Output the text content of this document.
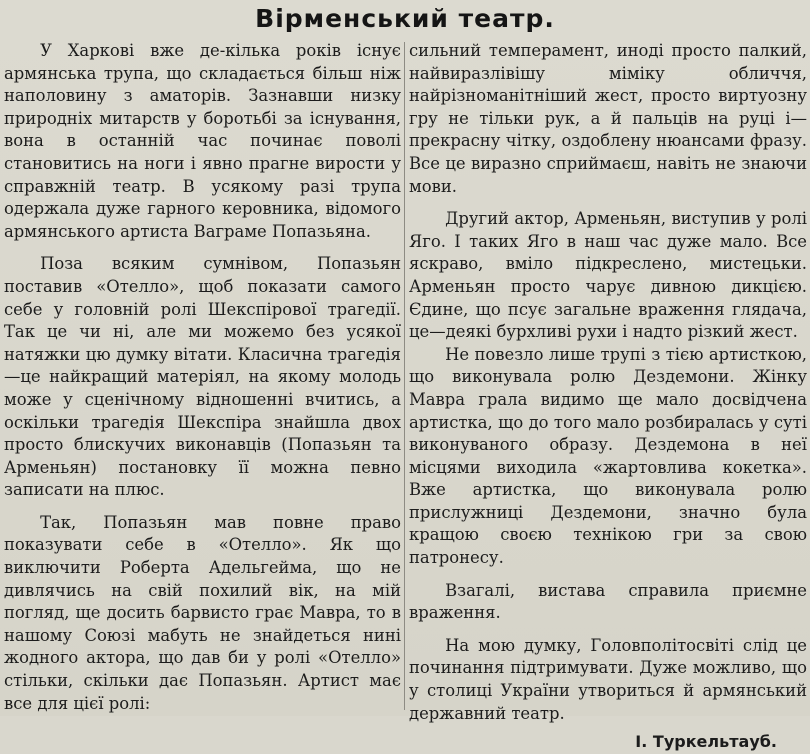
Вірменський театр.

У Харкові вже де-кілька років існує армянська трупа, що складається більш ніж наполовину з аматорів. Зазнавши низку природніх митарств у боротьбі за існування, вона в останній час починає поволі становитись на ноги і явно прагне вирости у справжній театр. В усякому разі трупа одержала дуже гарного керовника, відомого армянського артиста Ваграме Попазьяна.

Поза всяким сумнівом, Попазьян поставив «Отелло», щоб показати самого себе у головній ролі Шекспірової трагедії. Так це чи ні, але ми можемо без усякої натяжки цю думку вітати. Класична трагедія—це найкращий матеріял, на якому молодь може у сценічному відношенні вчитись, а оскільки трагедія Шекспіра знайшла двох просто блискучих виконавців (Попазьян та Арменьян) постановку її можна певно записати на плюс.

Так, Попазьян мав повне право показувати себе в «Отелло». Як що виключити Роберта Адельгейма, що не дивлячись на свій похилий вік, на мій погляд, ще досить барвисто грає Мавра, то в нашому Союзі мабуть не знайдеться нині жодного актора, що дав би у ролі «Отелло» стільки, скільки дає Попазьян. Артист має все для цієї ролі:

сильний темперамент, иноді просто палкий, найвиразлівішу міміку обличчя, найрізноманітніший жест, просто виртуозну гру не тільки рук, а й пальців на руці і—прекрасну чітку, оздоблену нюансами фразу. Все це виразно сприймаєш, навіть не знаючи мови.

Другий актор, Арменьян, виступив у ролі Яго. І таких Яго в наш час дуже мало. Все яскраво, вміло підкреслено, мистецьки. Арменьян просто чарує дивною дикцією. Єдине, що псує загальне враження глядача, це—деякі бурхливі рухи і надто різкий жест.

Не повезло лише трупі з тією артисткою, що виконувала ролю Дездемони. Жінку Мавра грала видимо ще мало досвідчена артистка, що до того мало розбиралась у суті виконуваного образу. Дездемона в неї місцями виходила «жартовлива кокетка». Вже артистка, що виконувала ролю прислужниці Дездемони, значно була кращою своєю технікою гри за свою патронесу.

Взагалі, вистава справила приємне враження.

На мою думку, Головполітосвіті слід це починання підтримувати. Дуже можливо, що у столиці України утвориться й армянський державний театр.

І. Туркельтауб.
